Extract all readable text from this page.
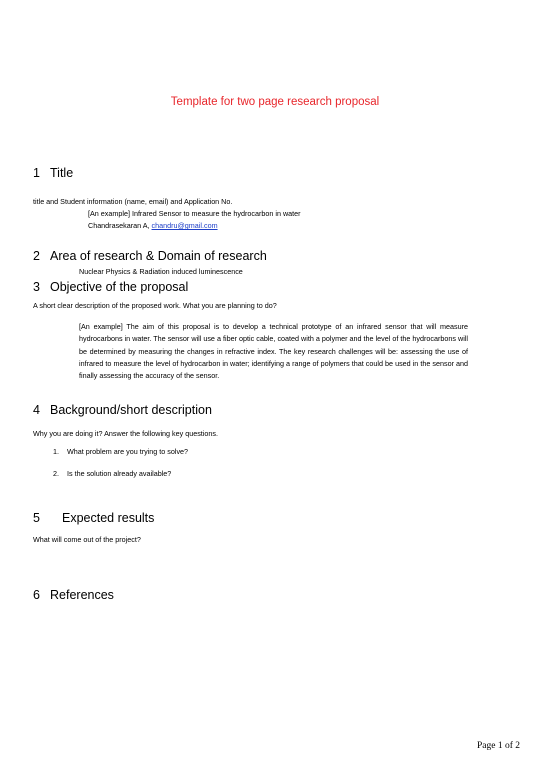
Template for two page research proposal
1 Title
title and Student information (name, email) and Application No.
[An example] Infrared Sensor to measure the hydrocarbon in water
Chandrasekaran A, chandru@gmail.com
2 Area of research & Domain of research
Nuclear Physics & Radiation induced luminescence
3 Objective of the proposal
A short clear description of the proposed work. What you are planning to do?
[An example] The aim of this proposal is to develop a technical prototype of an infrared sensor that will measure hydrocarbons in water. The sensor will use a fiber optic cable, coated with a polymer and the level of the hydrocarbons will be determined by measuring the changes in refractive index. The key research challenges will be: assessing the use of infrared to measure the level of hydrocarbon in water; identifying a range of polymers that could be used in the sensor and finally assessing the accuracy of the sensor.
4 Background/short description
Why you are doing it? Answer the following key questions.
1. What problem are you trying to solve?
2. Is the solution already available?
5 Expected results
What will come out of the project?
6 References
Page 1 of 2
